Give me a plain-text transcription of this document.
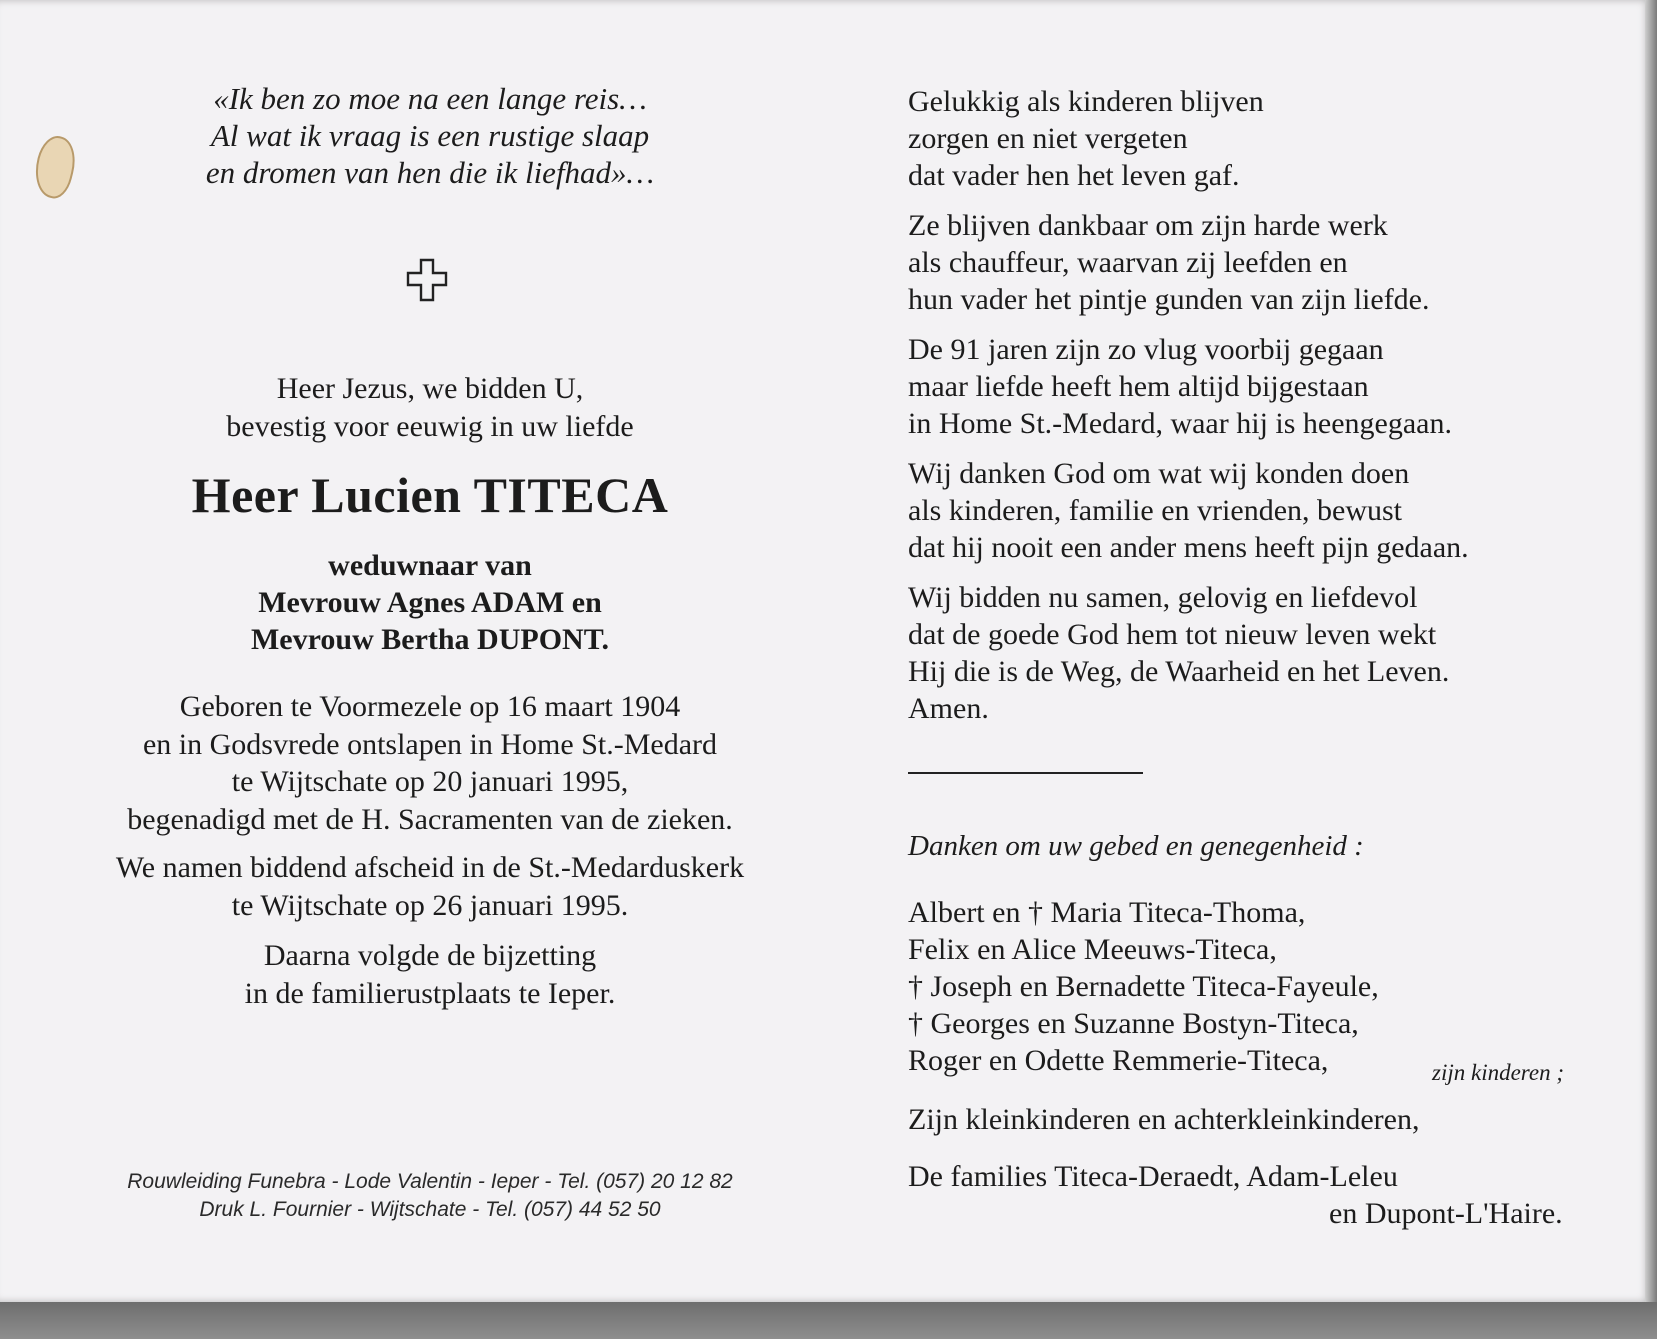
«Ik ben zo moe na een lange reis…
Al wat ik vraag is een rustige slaap
en dromen van hen die ik liefhad»…
Heer Jezus, we bidden U,
bevestig voor eeuwig in uw liefde
Heer Lucien TITECA
weduwnaar van
Mevrouw Agnes ADAM en
Mevrouw Bertha DUPONT.
Geboren te Voormezele op 16 maart 1904
en in Godsvrede ontslapen in Home St.-Medard
te Wijtschate op 20 januari 1995,
begenadigd met de H. Sacramenten van de zieken.
We namen biddend afscheid in de St.-Medarduskerk
te Wijtschate op 26 januari 1995.
Daarna volgde de bijzetting
in de familierustplaats te Ieper.
Rouwleiding Funebra - Lode Valentin - Ieper - Tel. (057) 20 12 82
Druk L. Fournier - Wijtschate - Tel. (057) 44 52 50
Gelukkig als kinderen blijven
zorgen en niet vergeten
dat vader hen het leven gaf.
Ze blijven dankbaar om zijn harde werk
als chauffeur, waarvan zij leefden en
hun vader het pintje gunden van zijn liefde.
De 91 jaren zijn zo vlug voorbij gegaan
maar liefde heeft hem altijd bijgestaan
in Home St.-Medard, waar hij is heengegaan.
Wij danken God om wat wij konden doen
als kinderen, familie en vrienden, bewust
dat hij nooit een ander mens heeft pijn gedaan.
Wij bidden nu samen, gelovig en liefdevol
dat de goede God hem tot nieuw leven wekt
Hij die is de Weg, de Waarheid en het Leven.
Amen.
Danken om uw gebed en genegenheid :
Albert en † Maria Titeca-Thoma,
Felix en Alice Meeuws-Titeca,
† Joseph en Bernadette Titeca-Fayeule,
† Georges en Suzanne Bostyn-Titeca,
Roger en Odette Remmerie-Titeca,	zijn kinderen ;
Zijn kleinkinderen en achterkleinkinderen,
De families Titeca-Deraedt, Adam-Leleu
en Dupont-L'Haire.
